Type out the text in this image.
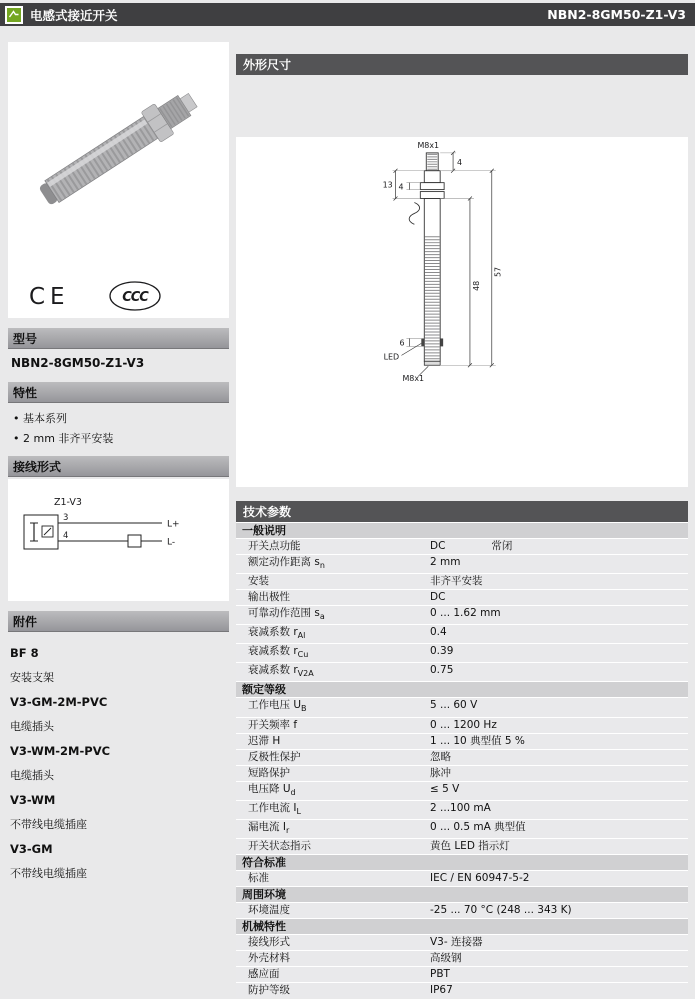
电感式接近开关	NBN2-8GM50-Z1-V3
CE	CCC
型号
NBN2-8GM50-Z1-V3
特性
• 基本系列
• 2 mm 非齐平安装
接线形式
Z1-V3
3
L+
4
L-
附件
BF 8
安装支架
V3-GM-2M-PVC
电缆插头
V3-WM-2M-PVC
电缆插头
V3-WM
不带线电缆插座
V3-GM
不带线电缆插座
外形尺寸
M8x1
4
4
13
6
LED
M8x1
48
57
技术参数
一般说明
开关点功能	DC	常闭
额定动作距离 $s_n$	2 mm
安装	非齐平安装
输出极性	DC
可靠动作范围 $s_a$	0 ... 1.62 mm
衰减系数 $r_{Al}$	0.4
衰减系数 $r_{Cu}$	0.39
衰减系数 $r_{V2A}$	0.75
额定等级
工作电压 $U_B$	5 ... 60 V
开关频率 f	0 ... 1200 Hz
迟滞 H	1 ... 10 典型值 5 %
反极性保护	忽略
短路保护	脉冲
电压降 $U_d$	≤ 5 V
工作电流 $I_L$	2 ...100 mA
漏电流 $I_r$	0 ... 0.5 mA 典型值
开关状态指示	黄色 LED 指示灯
符合标准
标准	IEC / EN 60947-5-2
周围环境
环境温度	-25 ... 70 °C (248 ... 343 K)
机械特性
接线形式	V3- 连接器
外壳材料	高级钢
感应面	PBT
防护等级	IP67
